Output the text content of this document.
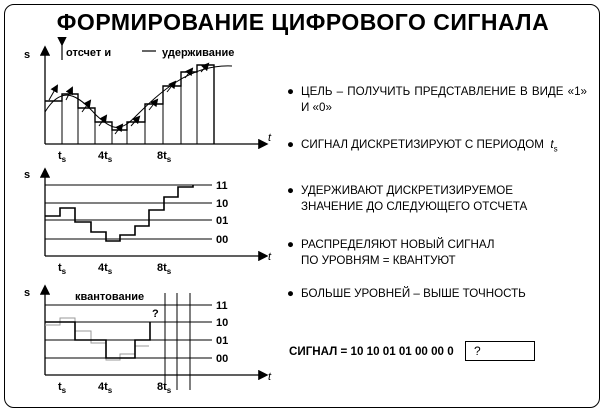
ФОРМИРОВАНИЕ ЦИФРОВОГО СИГНАЛА
s
t
отсчет и	удерживание
$t_s$	$4t_s$	$8t_s$
s
t
11
10
01
00
$t_s$	$4t_s$	$8t_s$
s
t
квантование
?
11
10
01
00
$t_s$	$4t_s$	$8t_s$
● ЦЕЛЬ – ПОЛУЧИТЬ ПРЕДСТАВЛЕНИЕ В ВИДЕ «1» И «0»
● СИГНАЛ ДИСКРЕТИЗИРУЮТ С ПЕРИОДОМ $t_s$
● УДЕРЖИВАЮТ ДИСКРЕТИЗИРУЕМОЕ
ЗНАЧЕНИЕ ДО СЛЕДУЮЩЕГО ОТСЧЕТА
● РАСПРЕДЕЛЯЮТ НОВЫЙ СИГНАЛ
ПО УРОВНЯМ = КВАНТУЮТ
● БОЛЬШЕ УРОВНЕЙ – ВЫШЕ ТОЧНОСТЬ
СИГНАЛ = 10 10 01 01 00 00 0	?
